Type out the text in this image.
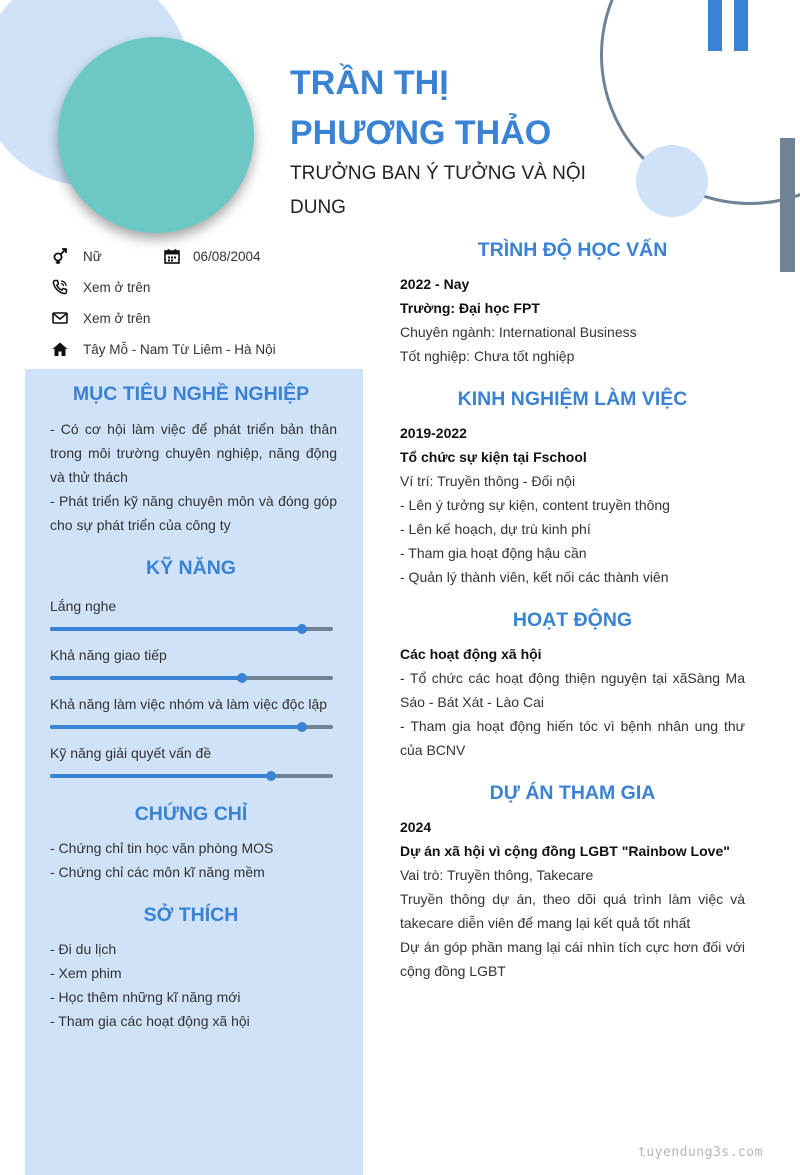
TRẦN THỊ
PHƯƠNG THẢO
TRƯỞNG BAN Ý TƯỞNG VÀ NỘI DUNG
Nữ	06/08/2004
Xem ở trên
Xem ở trên
Tây Mỗ - Nam Từ Liêm - Hà Nội
MỤC TIÊU NGHỀ NGHIỆP
- Có cơ hội làm việc để phát triển bản thân trong môi trường chuyên nghiệp, năng động và thử thách
- Phát triển kỹ năng chuyên môn và đóng góp cho sự phát triển của công ty
KỸ NĂNG
Lắng nghe
Khả năng giao tiếp
Khả năng làm việc nhóm và làm việc độc lập
Kỹ năng giải quyết vấn đề
CHỨNG CHỈ
- Chứng chỉ tin học văn phòng MOS
- Chứng chỉ các môn kĩ năng mềm
SỞ THÍCH
- Đi du lịch
- Xem phim
- Học thêm những kĩ năng mới
- Tham gia các hoạt động xã hội
TRÌNH ĐỘ HỌC VẤN
2022 - Nay
Trường: Đại học FPT
Chuyên ngành: International Business
Tốt nghiệp: Chưa tốt nghiệp
KINH NGHIỆM LÀM VIỆC
2019-2022
Tổ chức sự kiện tại Fschool
Ví trí: Truyền thông - Đối nội
- Lên ý tưởng sự kiện, content truyền thông
- Lên kế hoạch, dự trù kinh phí
- Tham gia hoạt động hậu cần
- Quản lý thành viên, kết nối các thành viên
HOẠT ĐỘNG
Các hoạt động xã hội
- Tổ chức các hoạt động thiện nguyện tại xãSàng Ma Sáo - Bát Xát - Lào Cai
- Tham gia hoạt động hiến tóc vì bệnh nhân ung thư của BCNV
DỰ ÁN THAM GIA
2024
Dự án xã hội vì cộng đồng LGBT "Rainbow Love"
Vai trò: Truyền thông, Takecare
Truyền thông dự án, theo dõi quá trình làm việc và takecare diễn viên để mang lại kết quả tốt nhất
Dự án góp phần mang lại cái nhìn tích cực hơn đối với cộng đồng LGBT
tuyendung3s.com
